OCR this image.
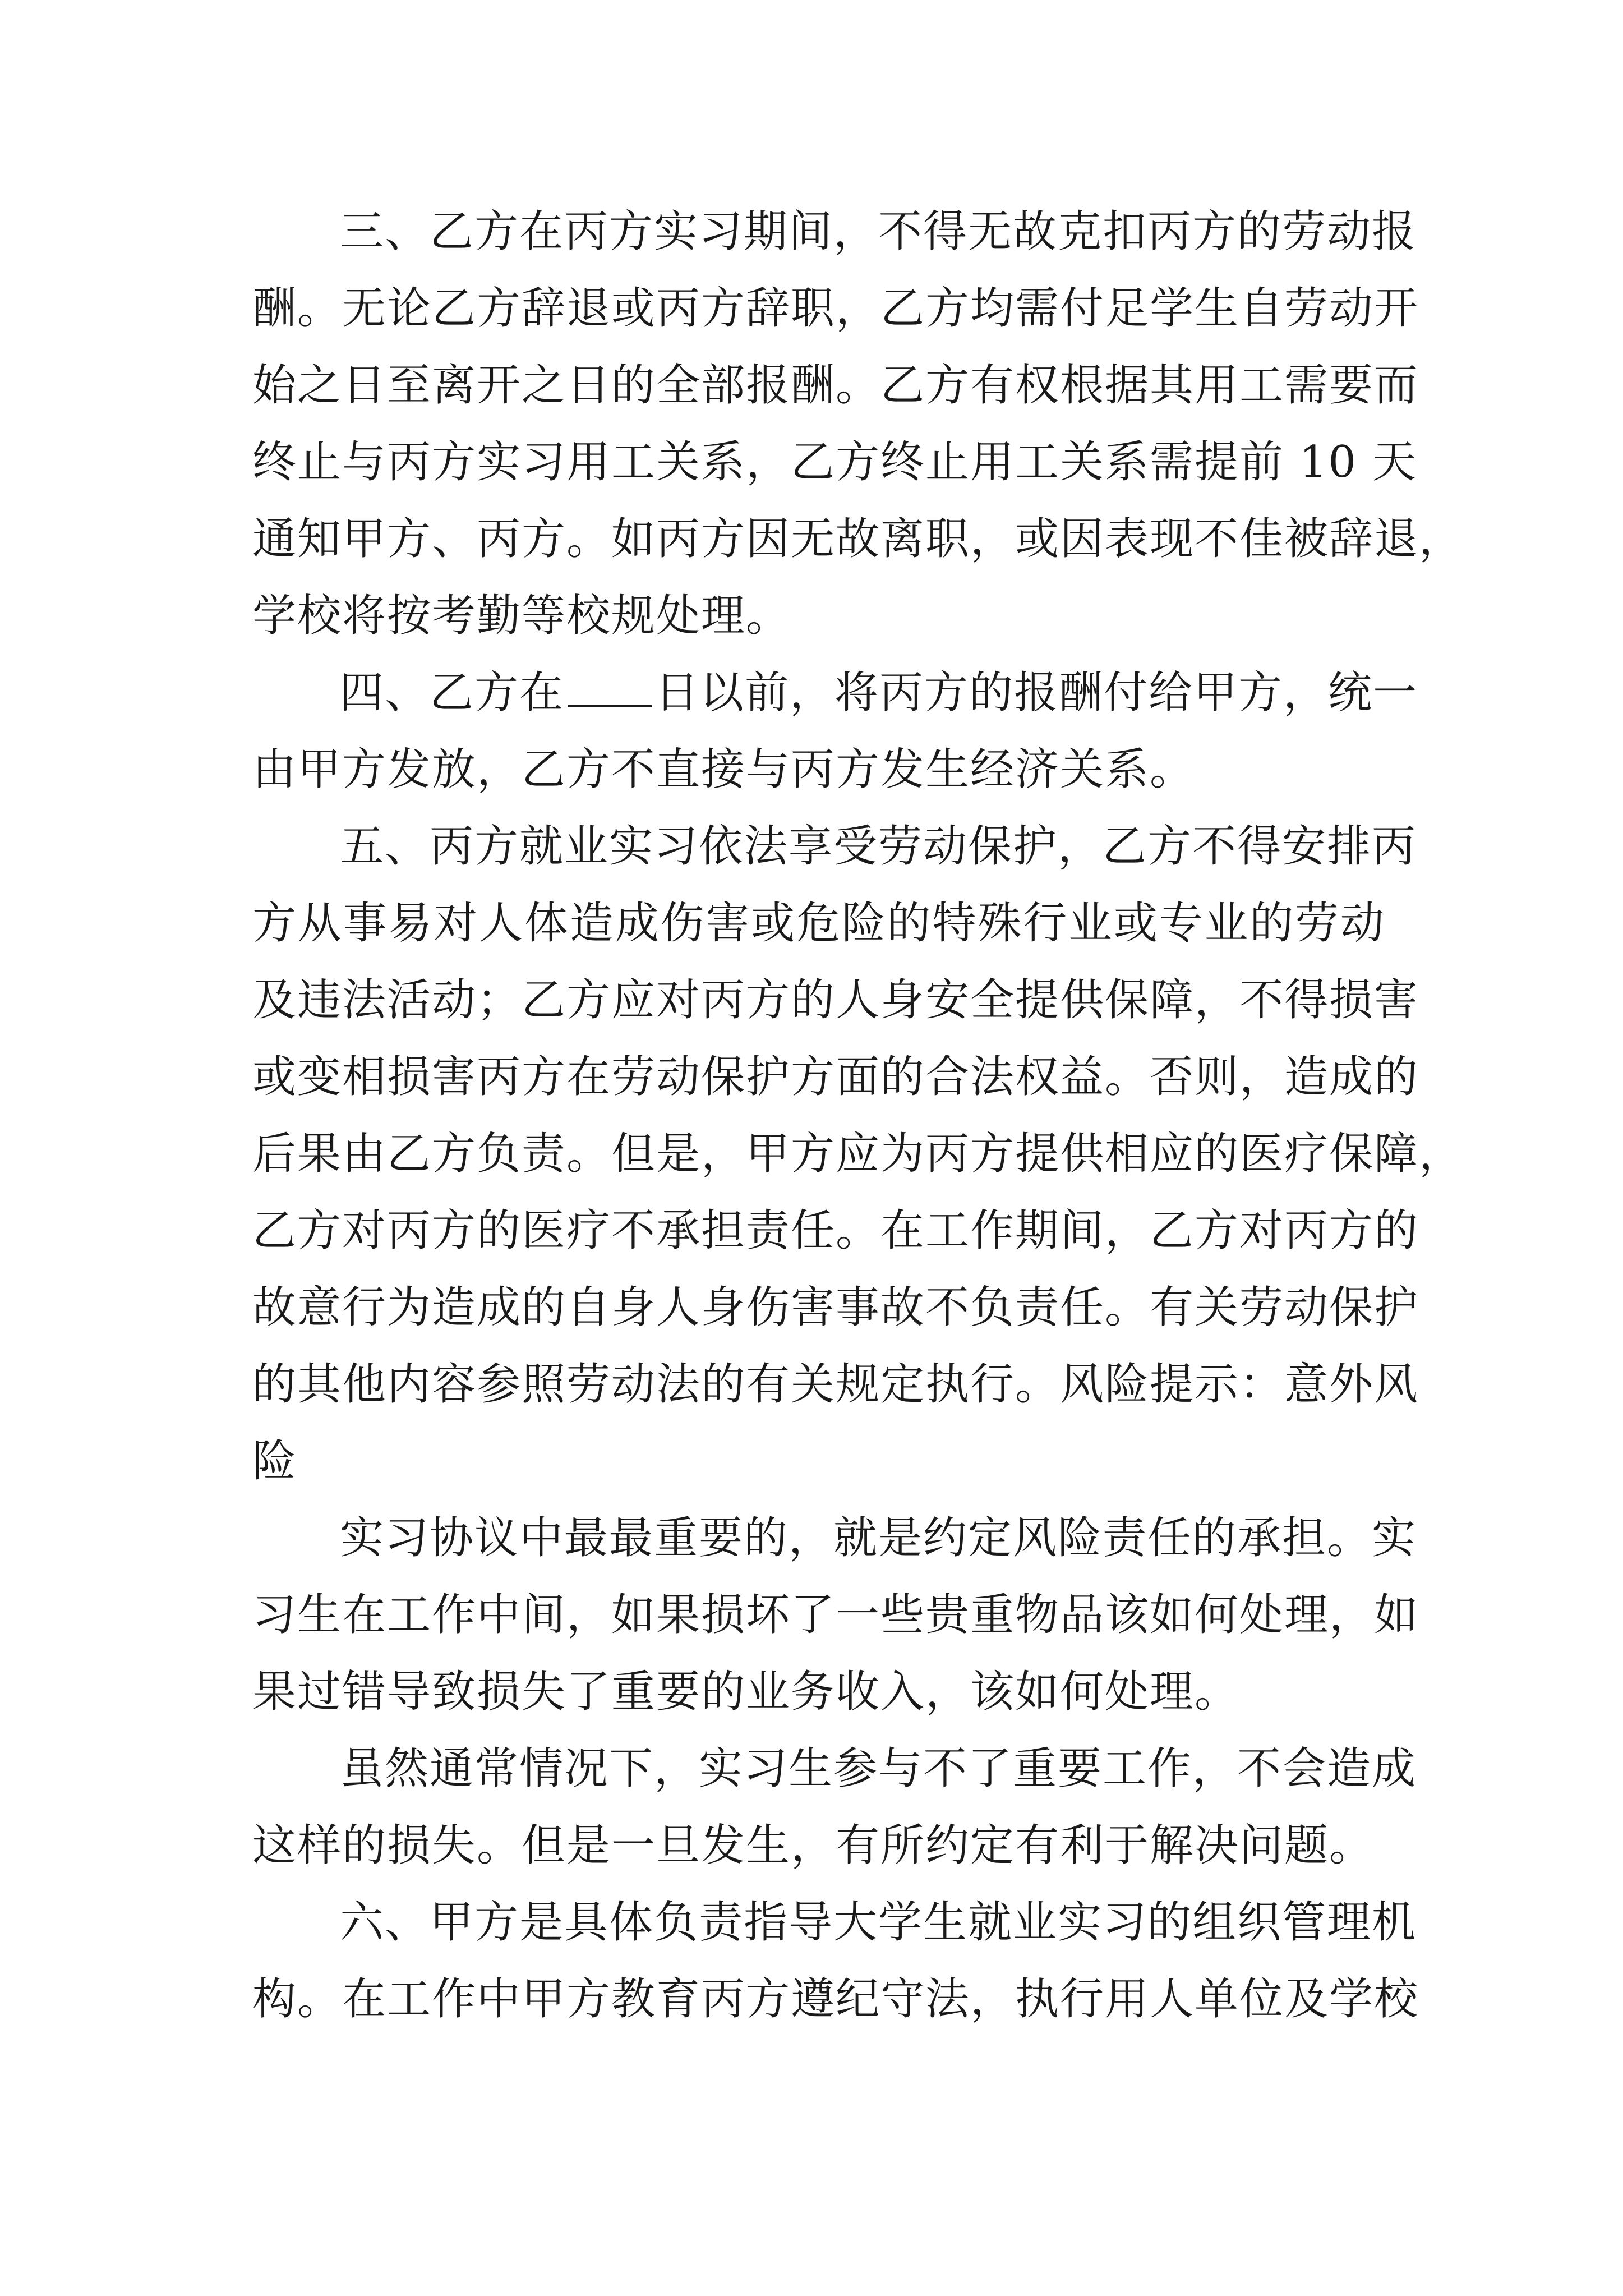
三、乙方在丙方实习期间，不得无故克扣丙方的劳动报
酬。无论乙方辞退或丙方辞职，乙方均需付足学生自劳动开
始之日至离开之日的全部报酬。乙方有权根据其用工需要而
终止与丙方实习用工关系，乙方终止用工关系需提前 10 天
通知甲方、丙方。如丙方因无故离职，或因表现不佳被辞退，
学校将按考勤等校规处理。
四、乙方在 日以前，将丙方的报酬付给甲方，统一
由甲方发放，乙方不直接与丙方发生经济关系。
五、丙方就业实习依法享受劳动保护，乙方不得安排丙
方从事易对人体造成伤害或危险的特殊行业或专业的劳动
及违法活动；乙方应对丙方的人身安全提供保障，不得损害
或变相损害丙方在劳动保护方面的合法权益。否则，造成的
后果由乙方负责。但是，甲方应为丙方提供相应的医疗保障，
乙方对丙方的医疗不承担责任。在工作期间，乙方对丙方的
故意行为造成的自身人身伤害事故不负责任。有关劳动保护
的其他内容参照劳动法的有关规定执行。风险提示：意外风
险
实习协议中最最重要的，就是约定风险责任的承担。实
习生在工作中间，如果损坏了一些贵重物品该如何处理，如
果过错导致损失了重要的业务收入，该如何处理。
虽然通常情况下，实习生参与不了重要工作，不会造成
这样的损失。但是一旦发生，有所约定有利于解决问题。
六、甲方是具体负责指导大学生就业实习的组织管理机
构。在工作中甲方教育丙方遵纪守法，执行用人单位及学校
